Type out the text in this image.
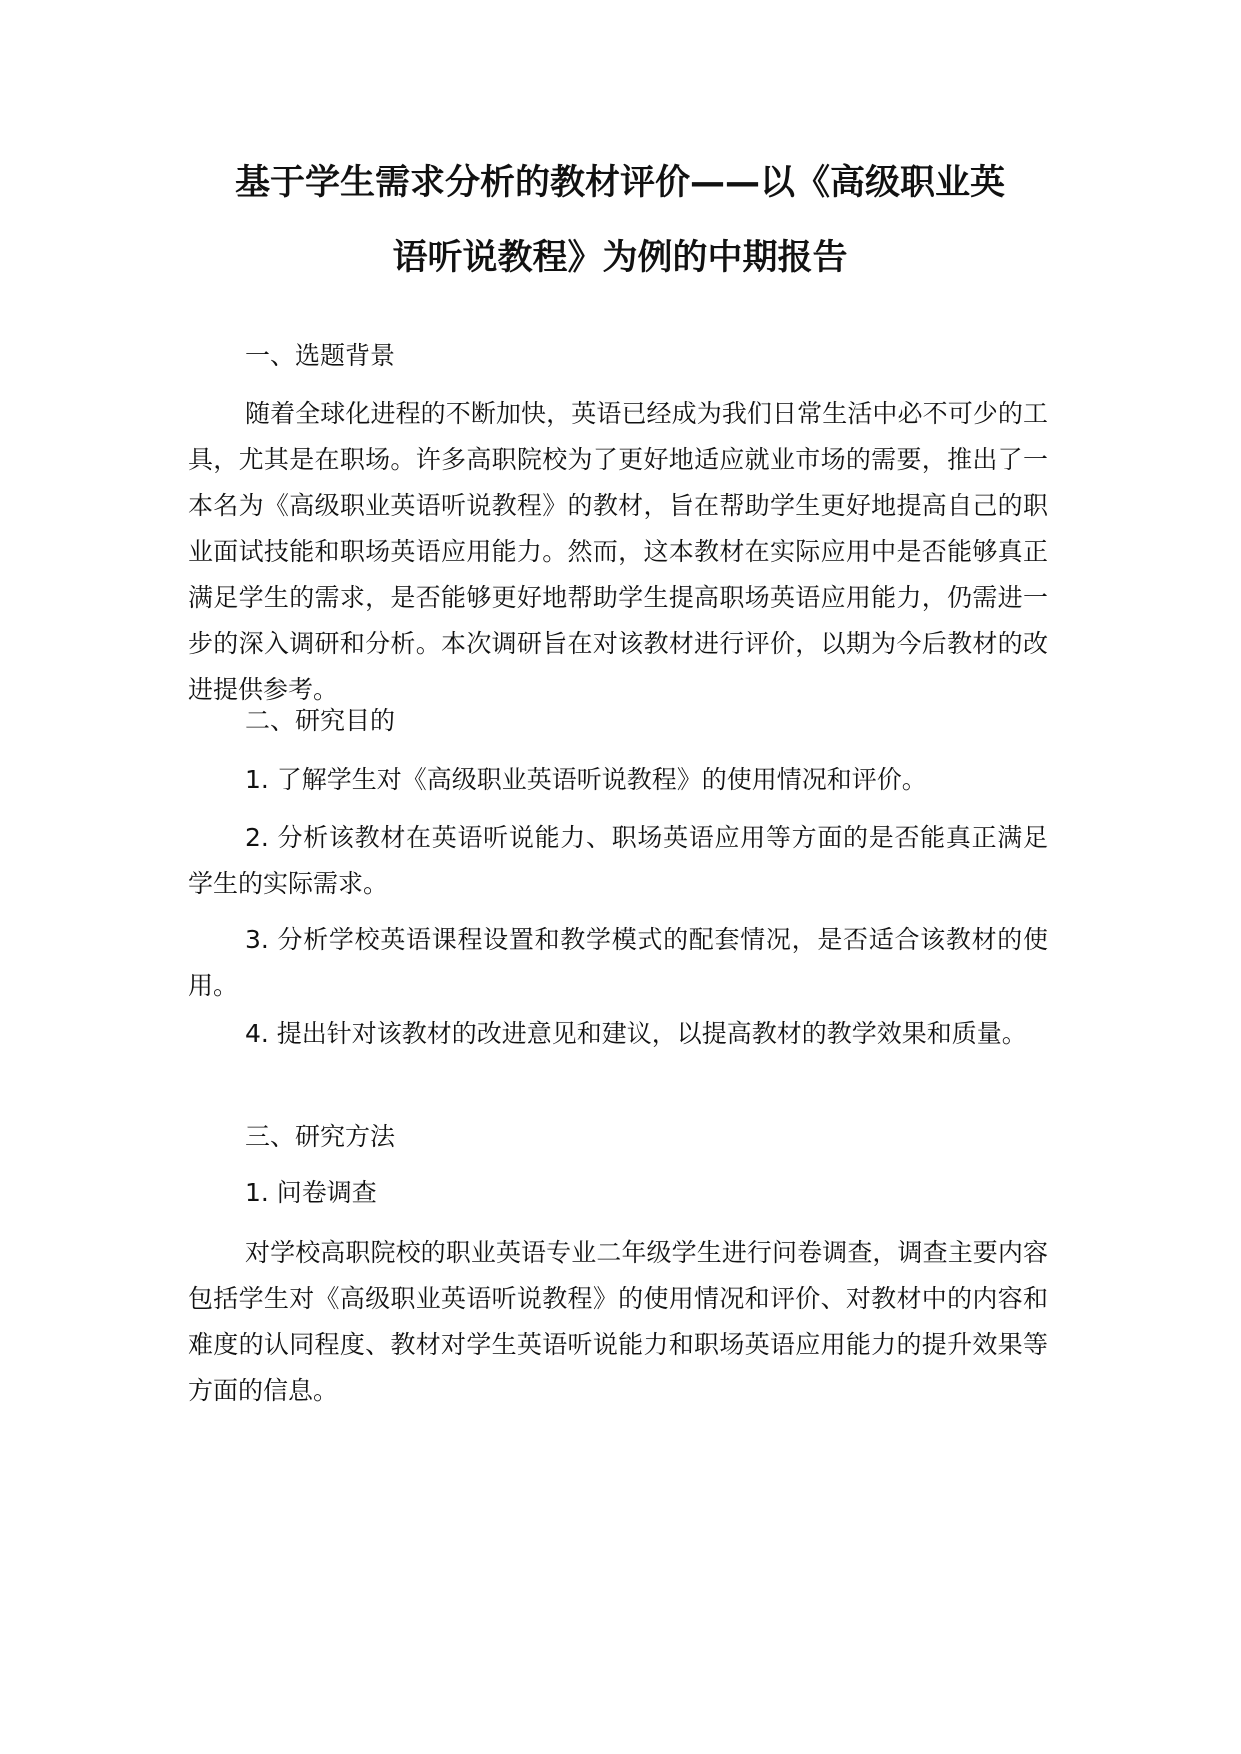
基于学生需求分析的教材评价——以《高级职业英
语听说教程》为例的中期报告
一、选题背景

随着全球化进程的不断加快，英语已经成为我们日常生活中必不可少的工具，尤其是在职场。许多高职院校为了更好地适应就业市场的需要，推出了一本名为《高级职业英语听说教程》的教材，旨在帮助学生更好地提高自己的职业面试技能和职场英语应用能力。然而，这本教材在实际应用中是否能够真正满足学生的需求，是否能够更好地帮助学生提高职场英语应用能力，仍需进一步的深入调研和分析。本次调研旨在对该教材进行评价，以期为今后教材的改进提供参考。

二、研究目的

1. 了解学生对《高级职业英语听说教程》的使用情况和评价。

2. 分析该教材在英语听说能力、职场英语应用等方面的是否能真正满足学生的实际需求。

3. 分析学校英语课程设置和教学模式的配套情况，是否适合该教材的使用。

4. 提出针对该教材的改进意见和建议，以提高教材的教学效果和质量。

三、研究方法
1. 问卷调查

对学校高职院校的职业英语专业二年级学生进行问卷调查，调查主要内容包括学生对《高级职业英语听说教程》的使用情况和评价、对教材中的内容和难度的认同程度、教材对学生英语听说能力和职场英语应用能力的提升效果等方面的信息。
